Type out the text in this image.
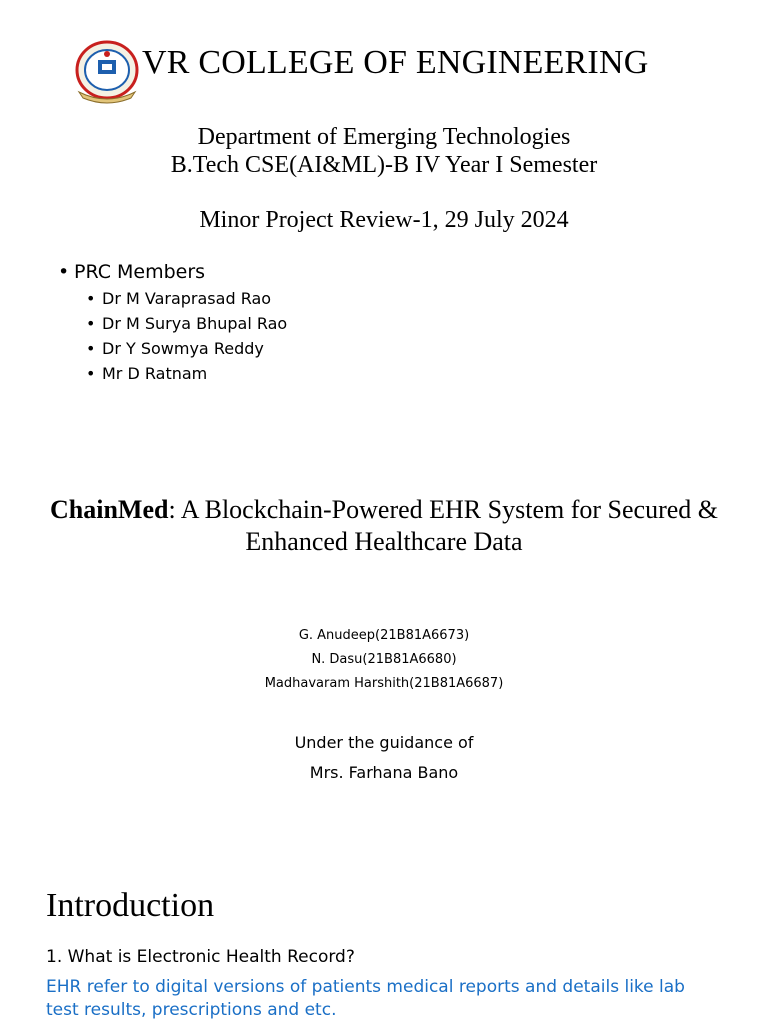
VR COLLEGE OF ENGINEERING
Department of Emerging Technologies
B.Tech CSE(AI&ML)-B IV Year I Semester
Minor Project Review-1, 29 July 2024
• PRC Members
• Dr M Varaprasad Rao
• Dr M Surya Bhupal Rao
• Dr Y Sowmya Reddy
• Mr D Ratnam
ChainMed: A Blockchain-Powered EHR System for Secured & Enhanced Healthcare Data
G. Anudeep(21B81A6673)
N. Dasu(21B81A6680)
Madhavaram Harshith(21B81A6687)
Under the guidance of
Mrs. Farhana Bano
Introduction
1. What is Electronic Health Record?
EHR refer to digital versions of patients medical reports and details like lab test results, prescriptions and etc.
